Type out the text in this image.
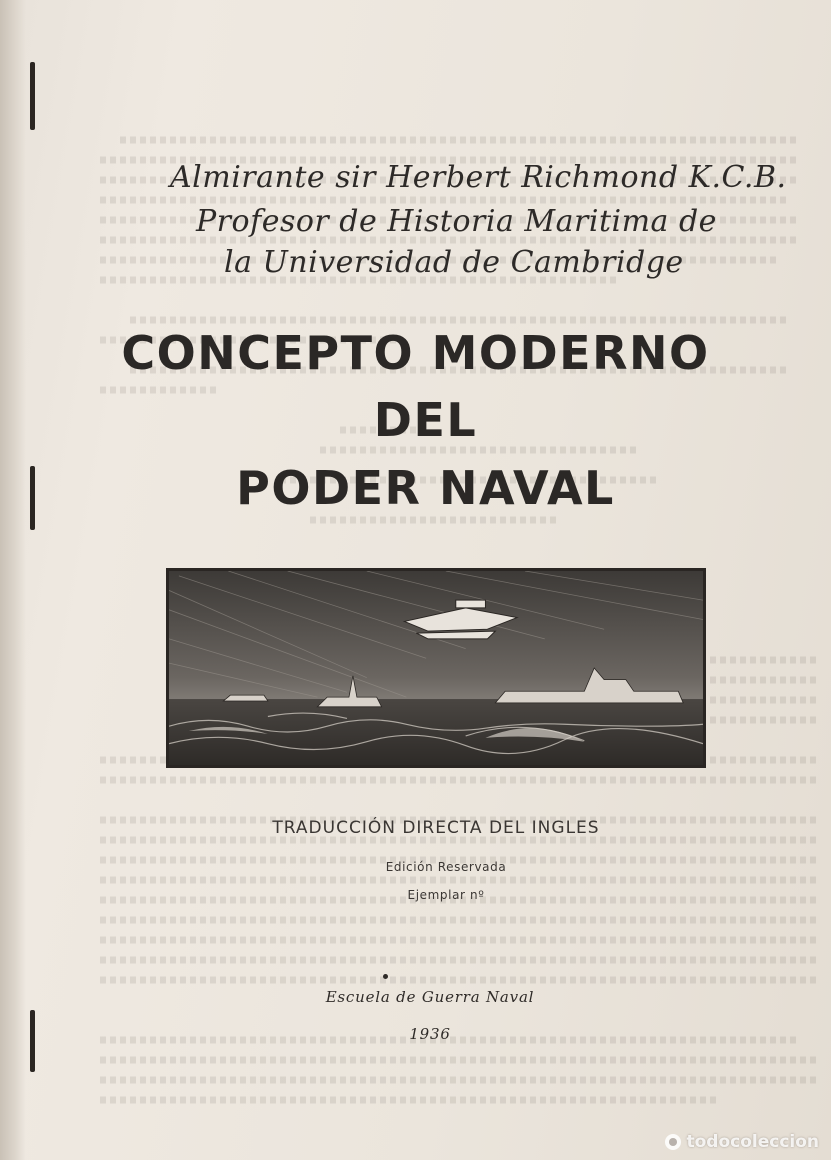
Almirante sir Herbert Richmond K.C.B.
Profesor de Historia Maritima de
la Universidad de Cambridge
CONCEPTO MODERNO
DEL
PODER NAVAL
TRADUCCIÓN DIRECTA DEL INGLES
Edición Reservada
Ejemplar nº
Escuela de Guerra Naval
1936
todocoleccion
